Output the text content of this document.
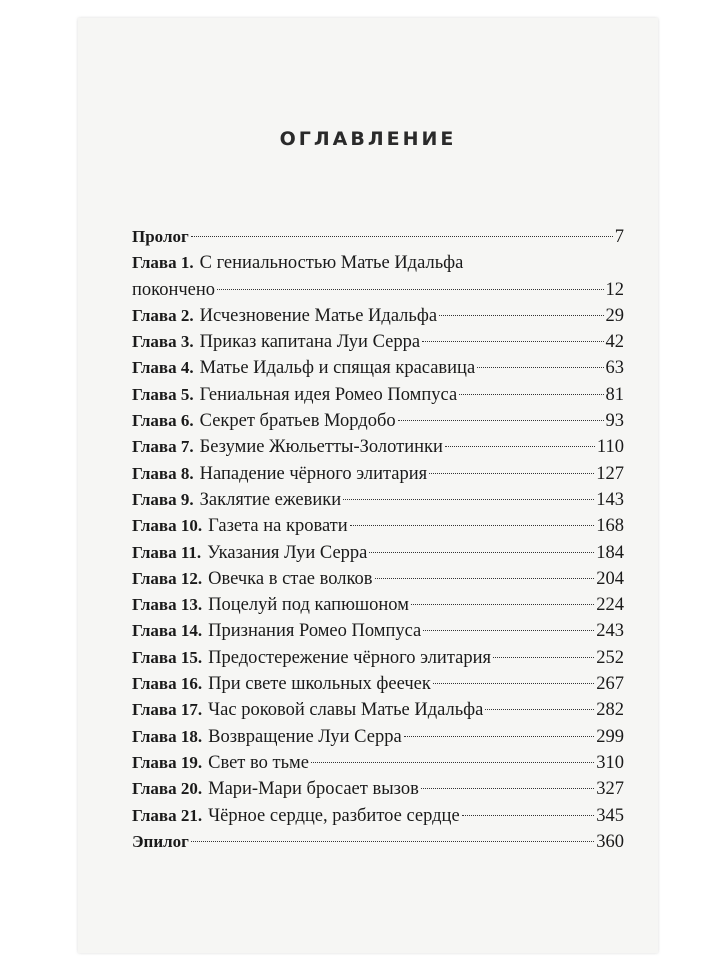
ОГЛАВЛЕНИЕ
Пролог	7
Глава 1. С гениальностью Матье Идальфа
покончено	12
Глава 2. Исчезновение Матье Идальфа	29
Глава 3. Приказ капитана Луи Серра	42
Глава 4. Матье Идальф и спящая красавица	63
Глава 5. Гениальная идея Ромео Помпуса	81
Глава 6. Секрет братьев Мордобо	93
Глава 7. Безумие Жюльетты-Золотинки	110
Глава 8. Нападение чёрного элитария	127
Глава 9. Заклятие ежевики	143
Глава 10. Газета на кровати	168
Глава 11. Указания Луи Серра	184
Глава 12. Овечка в стае волков	204
Глава 13. Поцелуй под капюшоном	224
Глава 14. Признания Ромео Помпуса	243
Глава 15. Предостережение чёрного элитария	252
Глава 16. При свете школьных феечек	267
Глава 17. Час роковой славы Матье Идальфа	282
Глава 18. Возвращение Луи Серра	299
Глава 19. Свет во тьме	310
Глава 20. Мари-Мари бросает вызов	327
Глава 21. Чёрное сердце, разбитое сердце	345
Эпилог	360
